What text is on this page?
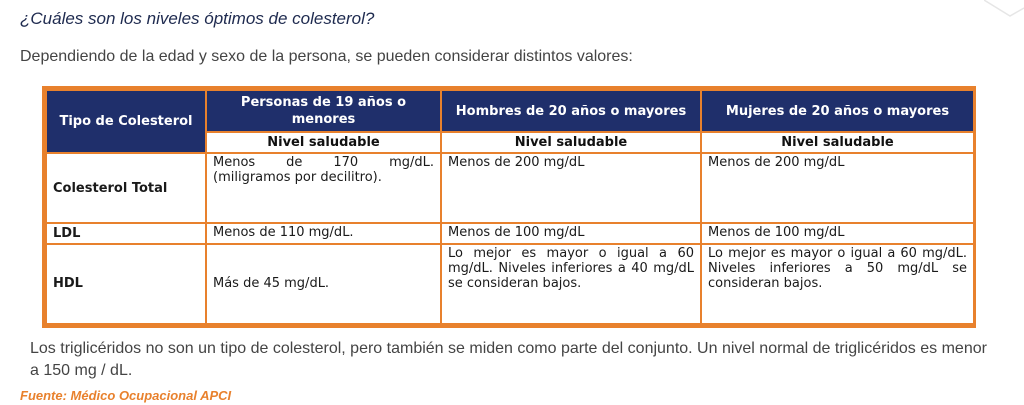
¿Cuáles son los niveles óptimos de colesterol?

Dependiendo de la edad y sexo de la persona, se pueden considerar distintos valores:

Tipo de Colesterol	Personas de 19 años o menores	Hombres de 20 años o mayores	Mujeres de 20 años o mayores
	Nivel saludable	Nivel saludable	Nivel saludable
Colesterol Total	Menos de 170 mg/dL. (miligramos por decilitro).	Menos de 200 mg/dL	Menos de 200 mg/dL
LDL	Menos de 110 mg/dL.	Menos de 100 mg/dL	Menos de 100 mg/dL
HDL	Más de 45 mg/dL.	Lo mejor es mayor o igual a 60 mg/dL. Niveles inferiores a 40 mg/dL se consideran bajos.	Lo mejor es mayor o igual a 60 mg/dL. Niveles inferiores a 50 mg/dL se consideran bajos.

Los triglicéridos no son un tipo de colesterol, pero también se miden como parte del conjunto. Un nivel normal de triglicéridos es menor a 150 mg / dL.

Fuente: Médico Ocupacional APCI
